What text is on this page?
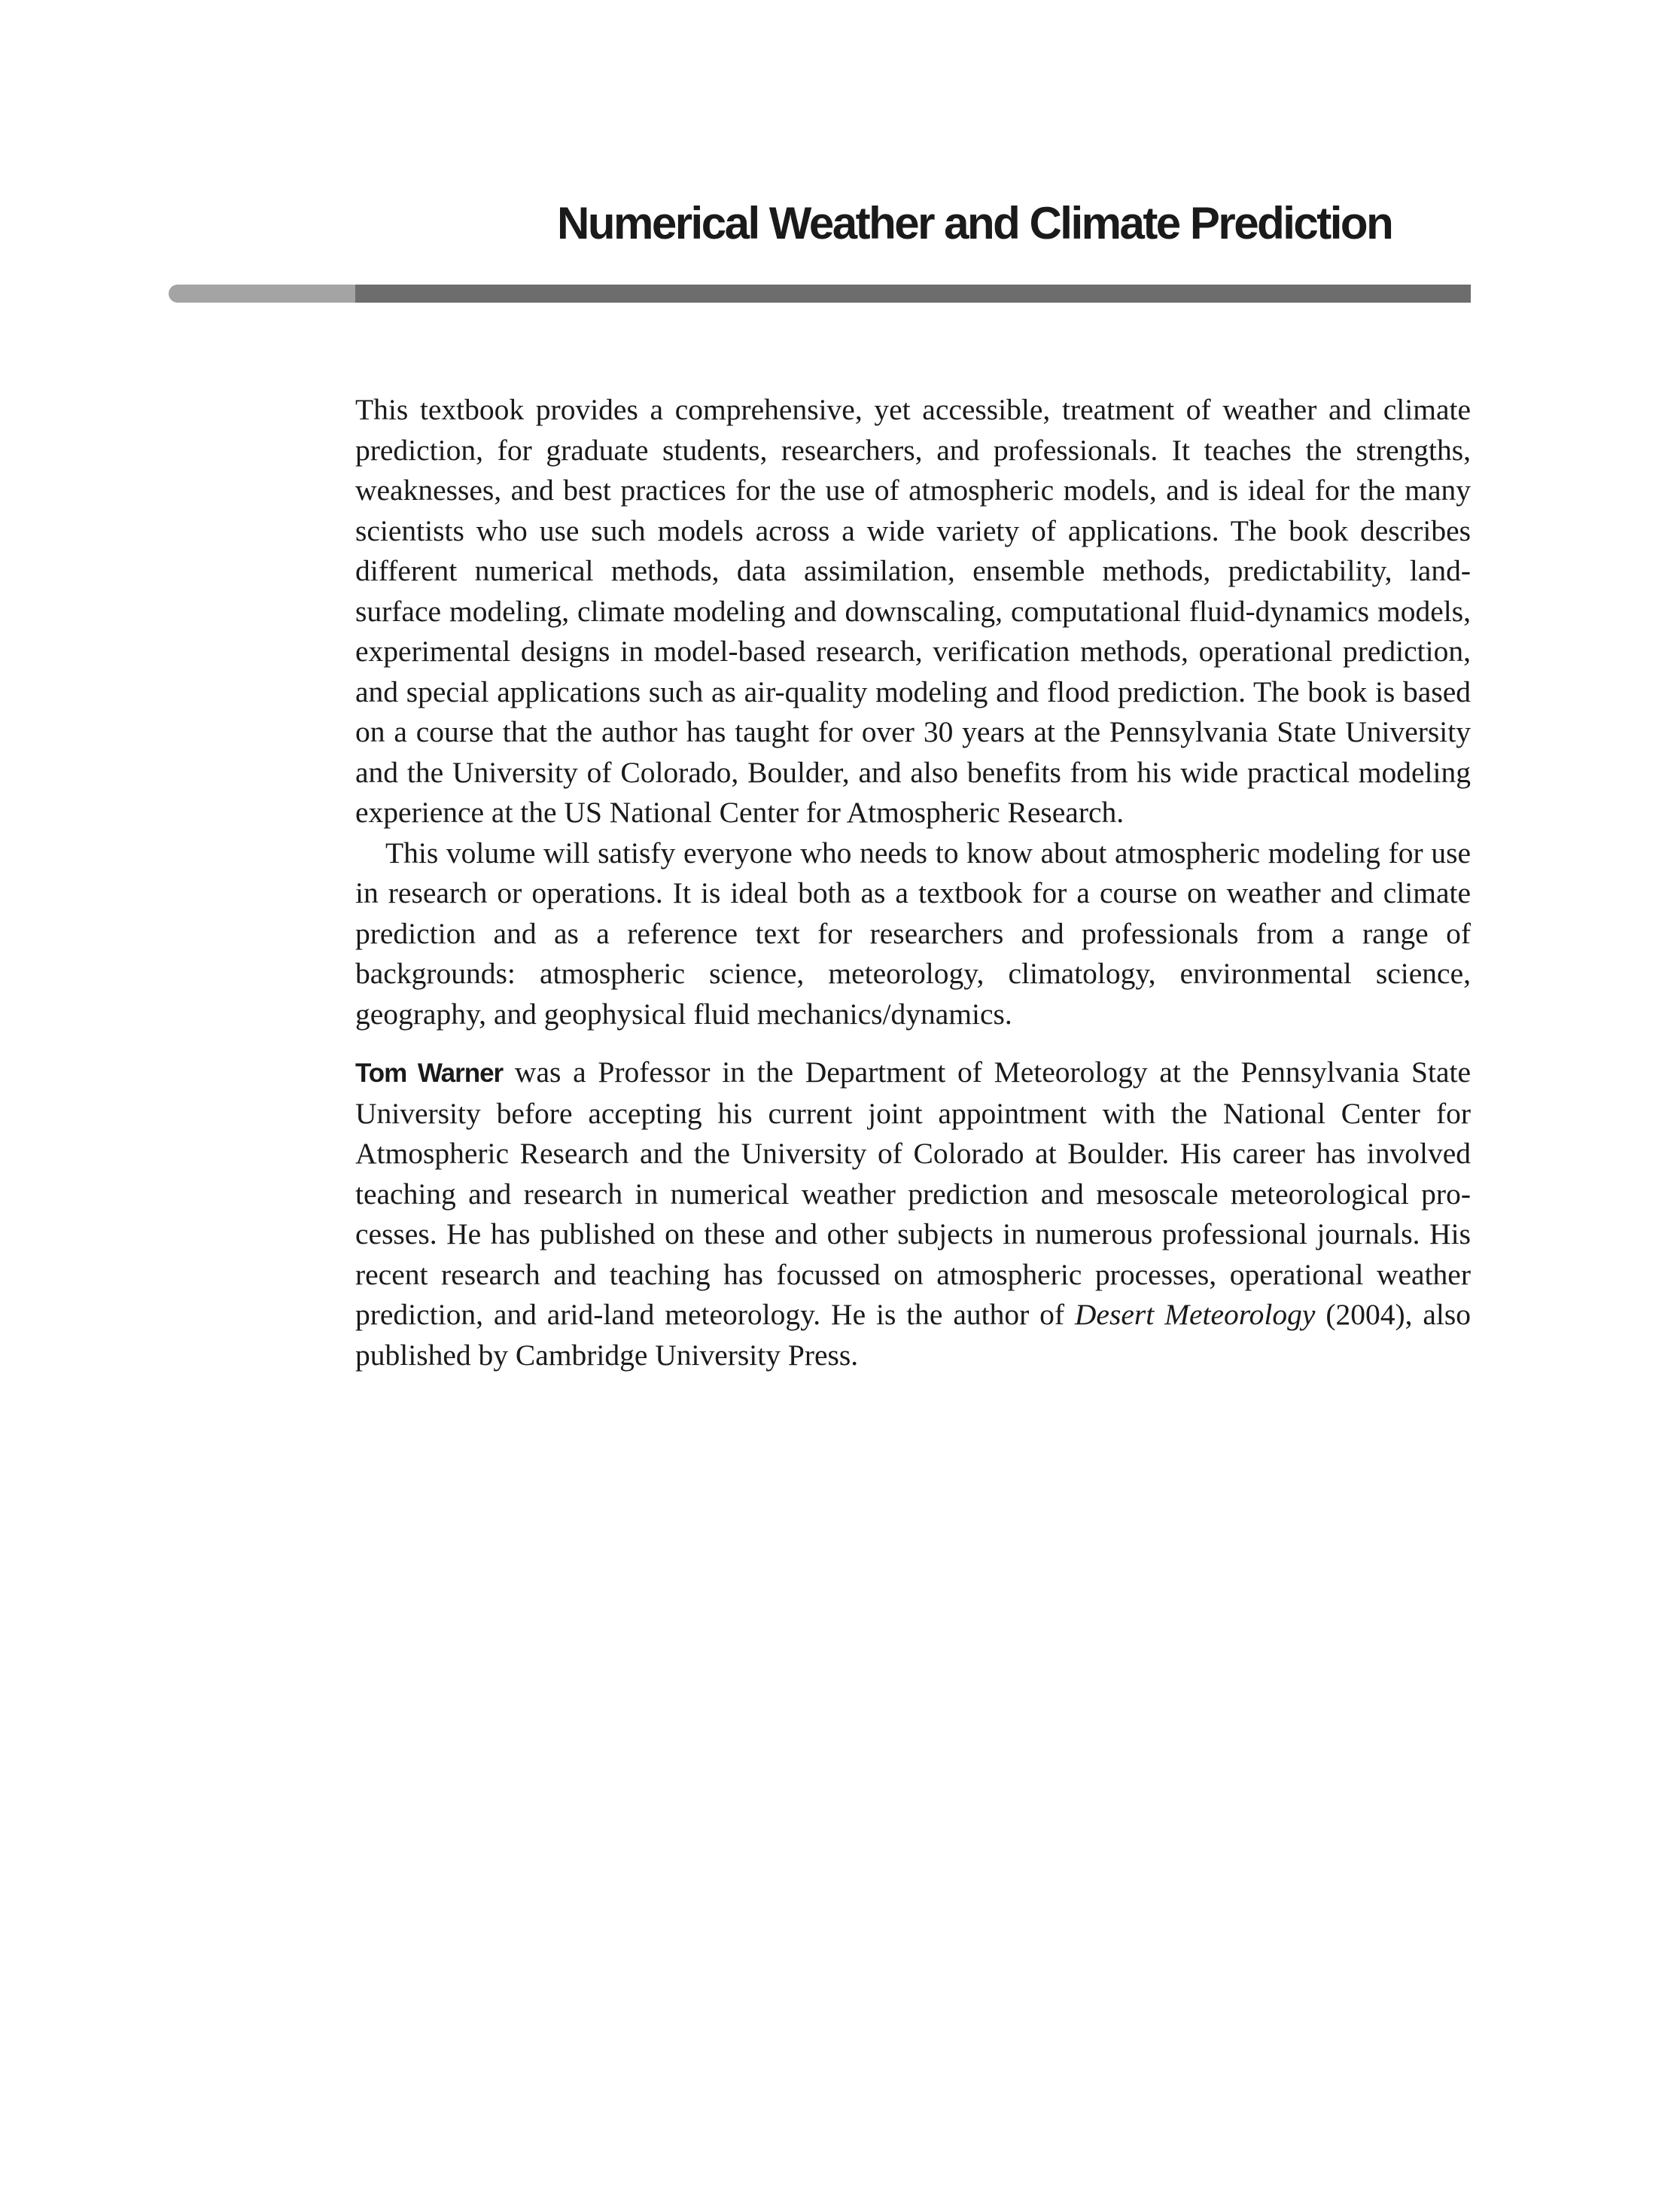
Numerical Weather and Climate Prediction

This textbook provides a comprehensive, yet accessible, treatment of weather and climate prediction, for graduate students, researchers, and professionals. It teaches the strengths, weaknesses, and best practices for the use of atmospheric models, and is ideal for the many scientists who use such models across a wide variety of applications. The book describes different numerical methods, data assimilation, ensemble methods, predictability, land-surface modeling, climate modeling and downscaling, computational fluid-dynamics models, experimental designs in model-based research, verification methods, operational prediction, and special applications such as air-quality modeling and flood prediction. The book is based on a course that the author has taught for over 30 years at the Pennsylvania State University and the University of Colorado, Boulder, and also benefits from his wide practical modeling experience at the US National Center for Atmospheric Research.

This volume will satisfy everyone who needs to know about atmospheric modeling for use in research or operations. It is ideal both as a textbook for a course on weather and climate prediction and as a reference text for researchers and professionals from a range of backgrounds: atmospheric science, meteorology, climatology, environmental science, geography, and geophysical fluid mechanics/dynamics.

Tom Warner was a Professor in the Department of Meteorology at the Pennsylvania State University before accepting his current joint appointment with the National Center for Atmospheric Research and the University of Colorado at Boulder. His career has involved teaching and research in numerical weather prediction and mesoscale meteorological processes. He has published on these and other subjects in numerous professional journals. His recent research and teaching has focussed on atmospheric processes, operational weather prediction, and arid-land meteorology. He is the author of Desert Meteorology (2004), also published by Cambridge University Press.
